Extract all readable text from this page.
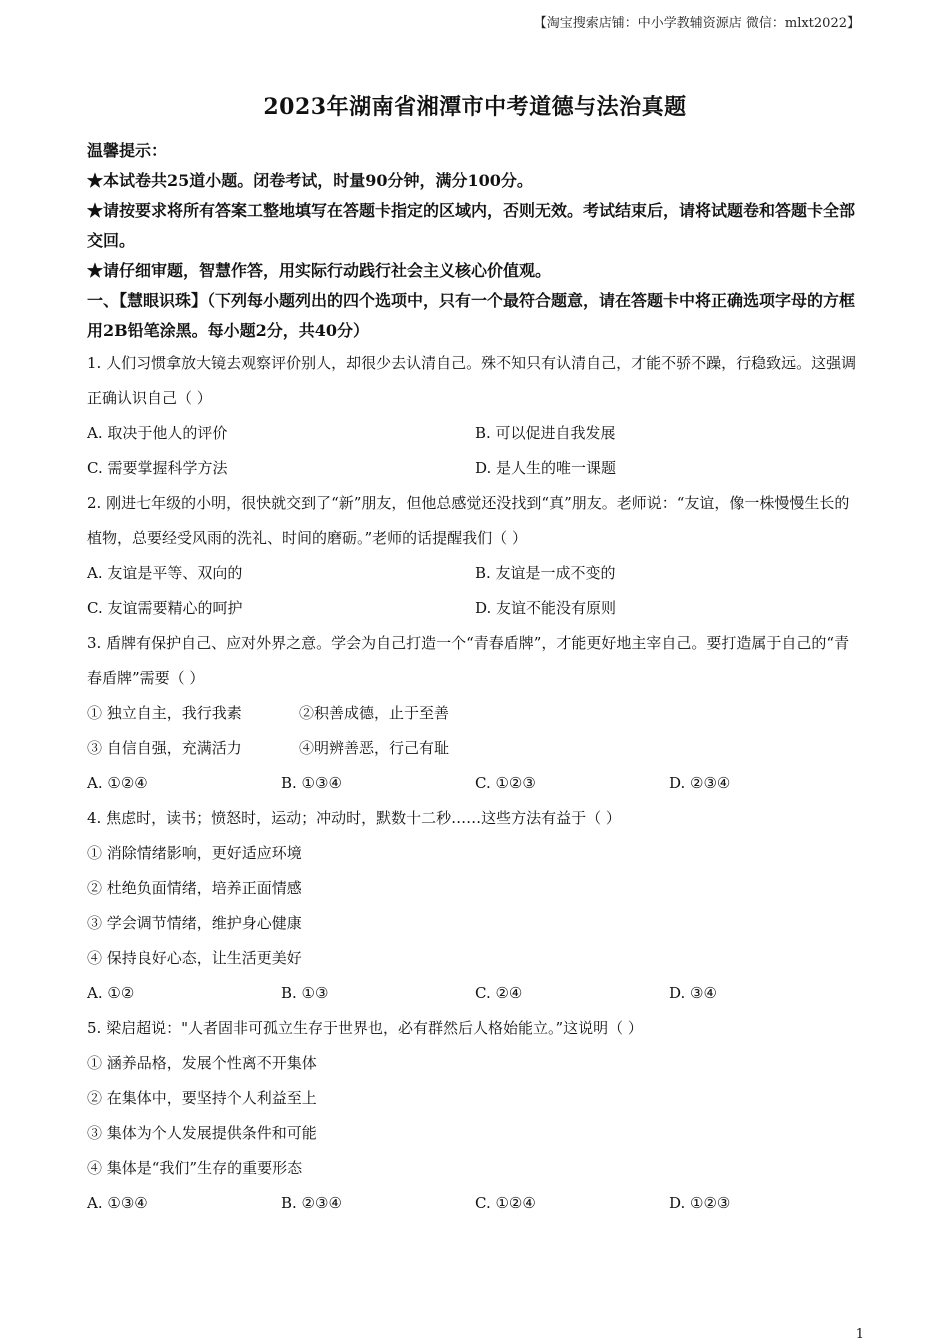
【淘宝搜索店铺：中小学教辅资源店 微信：mlxt2022】
2023年湖南省湘潭市中考道德与法治真题
温馨提示：
★本试卷共25道小题。闭卷考试，时量90分钟，满分100分。
★请按要求将所有答案工整地填写在答题卡指定的区域内，否则无效。考试结束后，请将试题卷和答题卡全部交回。
★请仔细审题，智慧作答，用实际行动践行社会主义核心价值观。
一、【慧眼识珠】（下列每小题列出的四个选项中，只有一个最符合题意，请在答题卡中将正确选项字母的方框用2B铅笔涂黑。每小题2分，共40分）
1. 人们习惯拿放大镜去观察评价别人，却很少去认清自己。殊不知只有认清自己，才能不骄不躁，行稳致远。这强调正确认识自己（ ）
A. 取决于他人的评价	B. 可以促进自我发展
C. 需要掌握科学方法	D. 是人生的唯一课题
2. 刚进七年级的小明，很快就交到了“新”朋友，但他总感觉还没找到“真”朋友。老师说：“友谊，像一株慢慢生长的植物，总要经受风雨的洗礼、时间的磨砺。”老师的话提醒我们（ ）
A. 友谊是平等、双向的	B. 友谊是一成不变的
C. 友谊需要精心的呵护	D. 友谊不能没有原则
3. 盾牌有保护自己、应对外界之意。学会为自己打造一个“青春盾牌”，才能更好地主宰自己。要打造属于自己的“青春盾牌”需要（ ）
① 独立自主，我行我素	②积善成德，止于至善
③ 自信自强，充满活力	④明辨善恶，行己有耻
A. ①②④	B. ①③④	C. ①②③	D. ②③④
4. 焦虑时，读书；愤怒时，运动；冲动时，默数十二秒……这些方法有益于（ ）
① 消除情绪影响，更好适应环境
② 杜绝负面情绪，培养正面情感
③ 学会调节情绪，维护身心健康
④ 保持良好心态，让生活更美好
A. ①②	B. ①③	C. ②④	D. ③④
5. 梁启超说："人者固非可孤立生存于世界也，必有群然后人格始能立。”这说明（ ）
① 涵养品格，发展个性离不开集体
② 在集体中，要坚持个人利益至上
③ 集体为个人发展提供条件和可能
④ 集体是“我们”生存的重要形态
A. ①③④	B. ②③④	C. ①②④	D. ①②③
1
